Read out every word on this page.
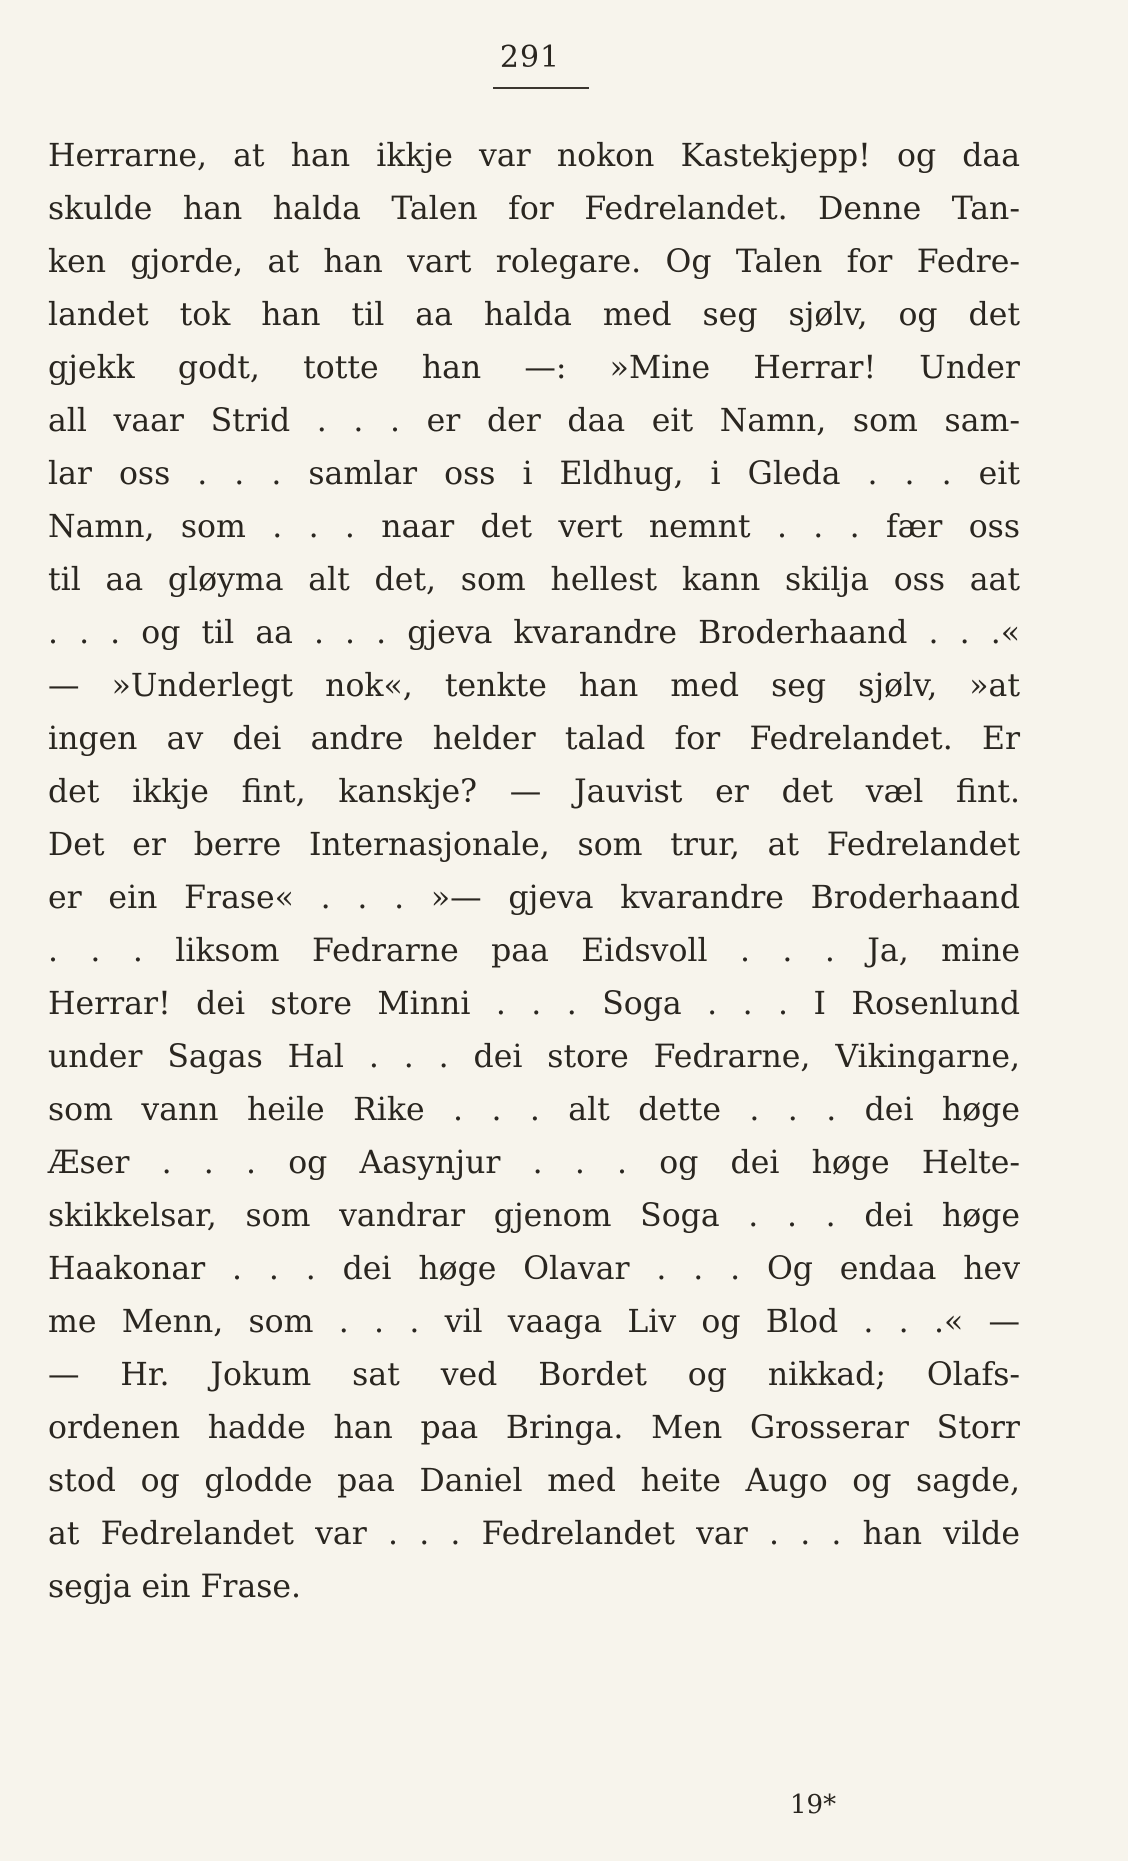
291
Herrarne, at han ikkje var nokon Kastekjepp! og daa
skulde han halda Talen for Fedrelandet. Denne Tan-
ken gjorde, at han vart rolegare. Og Talen for Fedre-
landet tok han til aa halda med seg sjølv, og det
gjekk godt, totte han —: »Mine Herrar! Under
all vaar Strid . . . er der daa eit Namn, som sam-
lar oss . . . samlar oss i Eldhug, i Gleda . . . eit
Namn, som . . . naar det vert nemnt . . . fær oss
til aa gløyma alt det, som hellest kann skilja oss aat
. . . og til aa . . . gjeva kvarandre Broderhaand . . .«
— »Underlegt nok«, tenkte han med seg sjølv, »at
ingen av dei andre helder talad for Fedrelandet. Er
det ikkje fint, kanskje? — Jauvist er det væl fint.
Det er berre Internasjonale, som trur, at Fedrelandet
er ein Frase« . . . »— gjeva kvarandre Broderhaand
. . . liksom Fedrarne paa Eidsvoll . . . Ja, mine
Herrar! dei store Minni . . . Soga . . . I Rosenlund
under Sagas Hal . . . dei store Fedrarne, Vikingarne,
som vann heile Rike . . . alt dette . . . dei høge
Æser . . . og Aasynjur . . . og dei høge Helte-
skikkelsar, som vandrar gjenom Soga . . . dei høge
Haakonar . . . dei høge Olavar . . . Og endaa hev
me Menn, som . . . vil vaaga Liv og Blod . . .« —
— Hr. Jokum sat ved Bordet og nikkad; Olafs-
ordenen hadde han paa Bringa. Men Grosserar Storr
stod og glodde paa Daniel med heite Augo og sagde,
at Fedrelandet var . . . Fedrelandet var . . . han vilde
segja ein Frase.
19*
